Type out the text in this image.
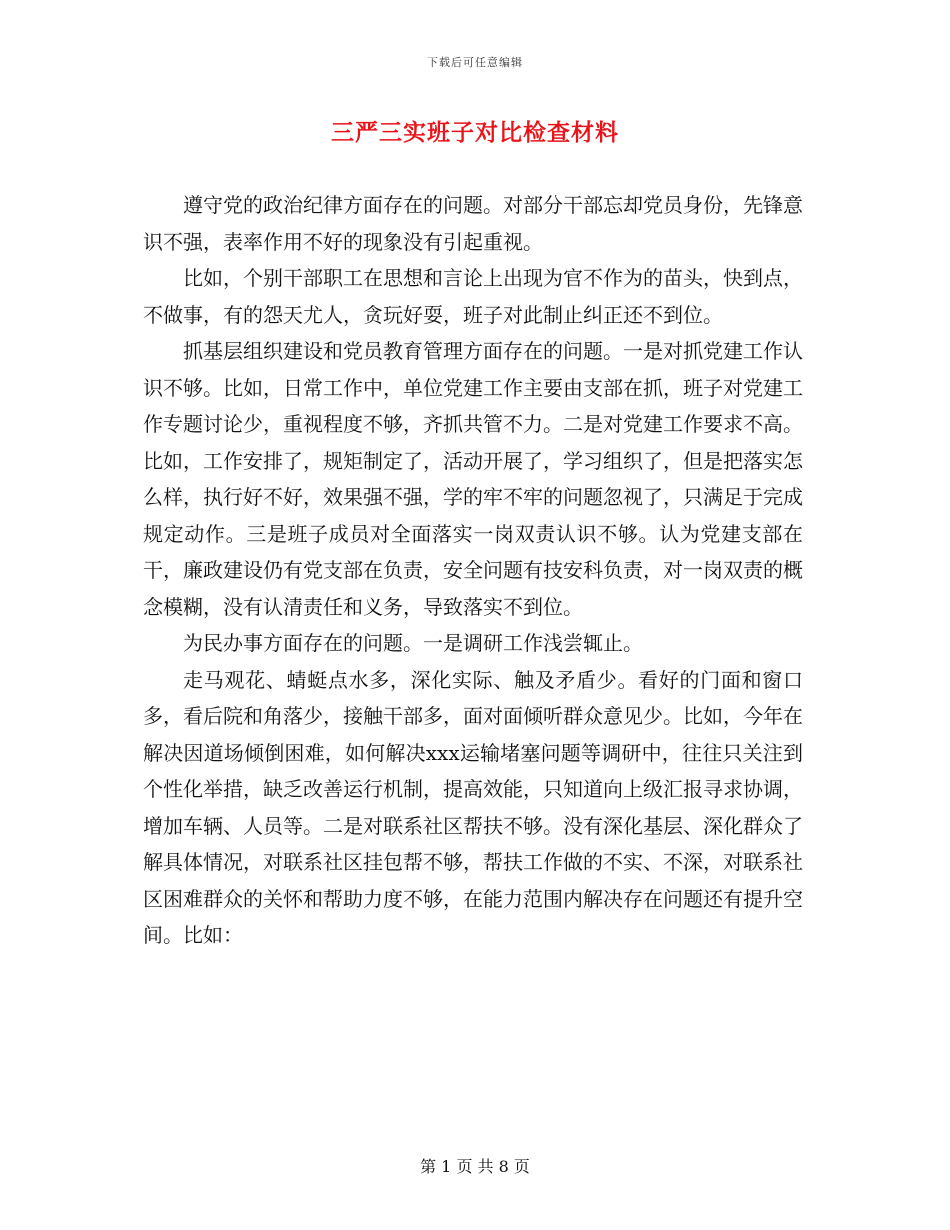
下载后可任意编辑
三严三实班子对比检查材料

遵守党的政治纪律方面存在的问题。对部分干部忘却党员身份，先锋意识不强，表率作用不好的现象没有引起重视。

比如，个别干部职工在思想和言论上出现为官不作为的苗头，快到点，不做事，有的怨天尤人，贪玩好耍，班子对此制止纠正还不到位。

抓基层组织建设和党员教育管理方面存在的问题。一是对抓党建工作认识不够。比如，日常工作中，单位党建工作主要由支部在抓，班子对党建工作专题讨论少，重视程度不够，齐抓共管不力。二是对党建工作要求不高。比如，工作安排了，规矩制定了，活动开展了，学习组织了，但是把落实怎么样，执行好不好，效果强不强，学的牢不牢的问题忽视了，只满足于完成规定动作。三是班子成员对全面落实一岗双责认识不够。认为党建支部在干，廉政建设仍有党支部在负责，安全问题有技安科负责，对一岗双责的概念模糊，没有认清责任和义务，导致落实不到位。

为民办事方面存在的问题。一是调研工作浅尝辄止。

走马观花、蜻蜓点水多，深化实际、触及矛盾少。看好的门面和窗口多，看后院和角落少，接触干部多，面对面倾听群众意见少。比如，今年在解决因道场倾倒困难，如何解决xxx运输堵塞问题等调研中，往往只关注到个性化举措，缺乏改善运行机制，提高效能，只知道向上级汇报寻求协调，增加车辆、人员等。二是对联系社区帮扶不够。没有深化基层、深化群众了解具体情况，对联系社区挂包帮不够，帮扶工作做的不实、不深，对联系社区困难群众的关怀和帮助力度不够，在能力范围内解决存在问题还有提升空间。比如：

第 1 页 共 8 页
